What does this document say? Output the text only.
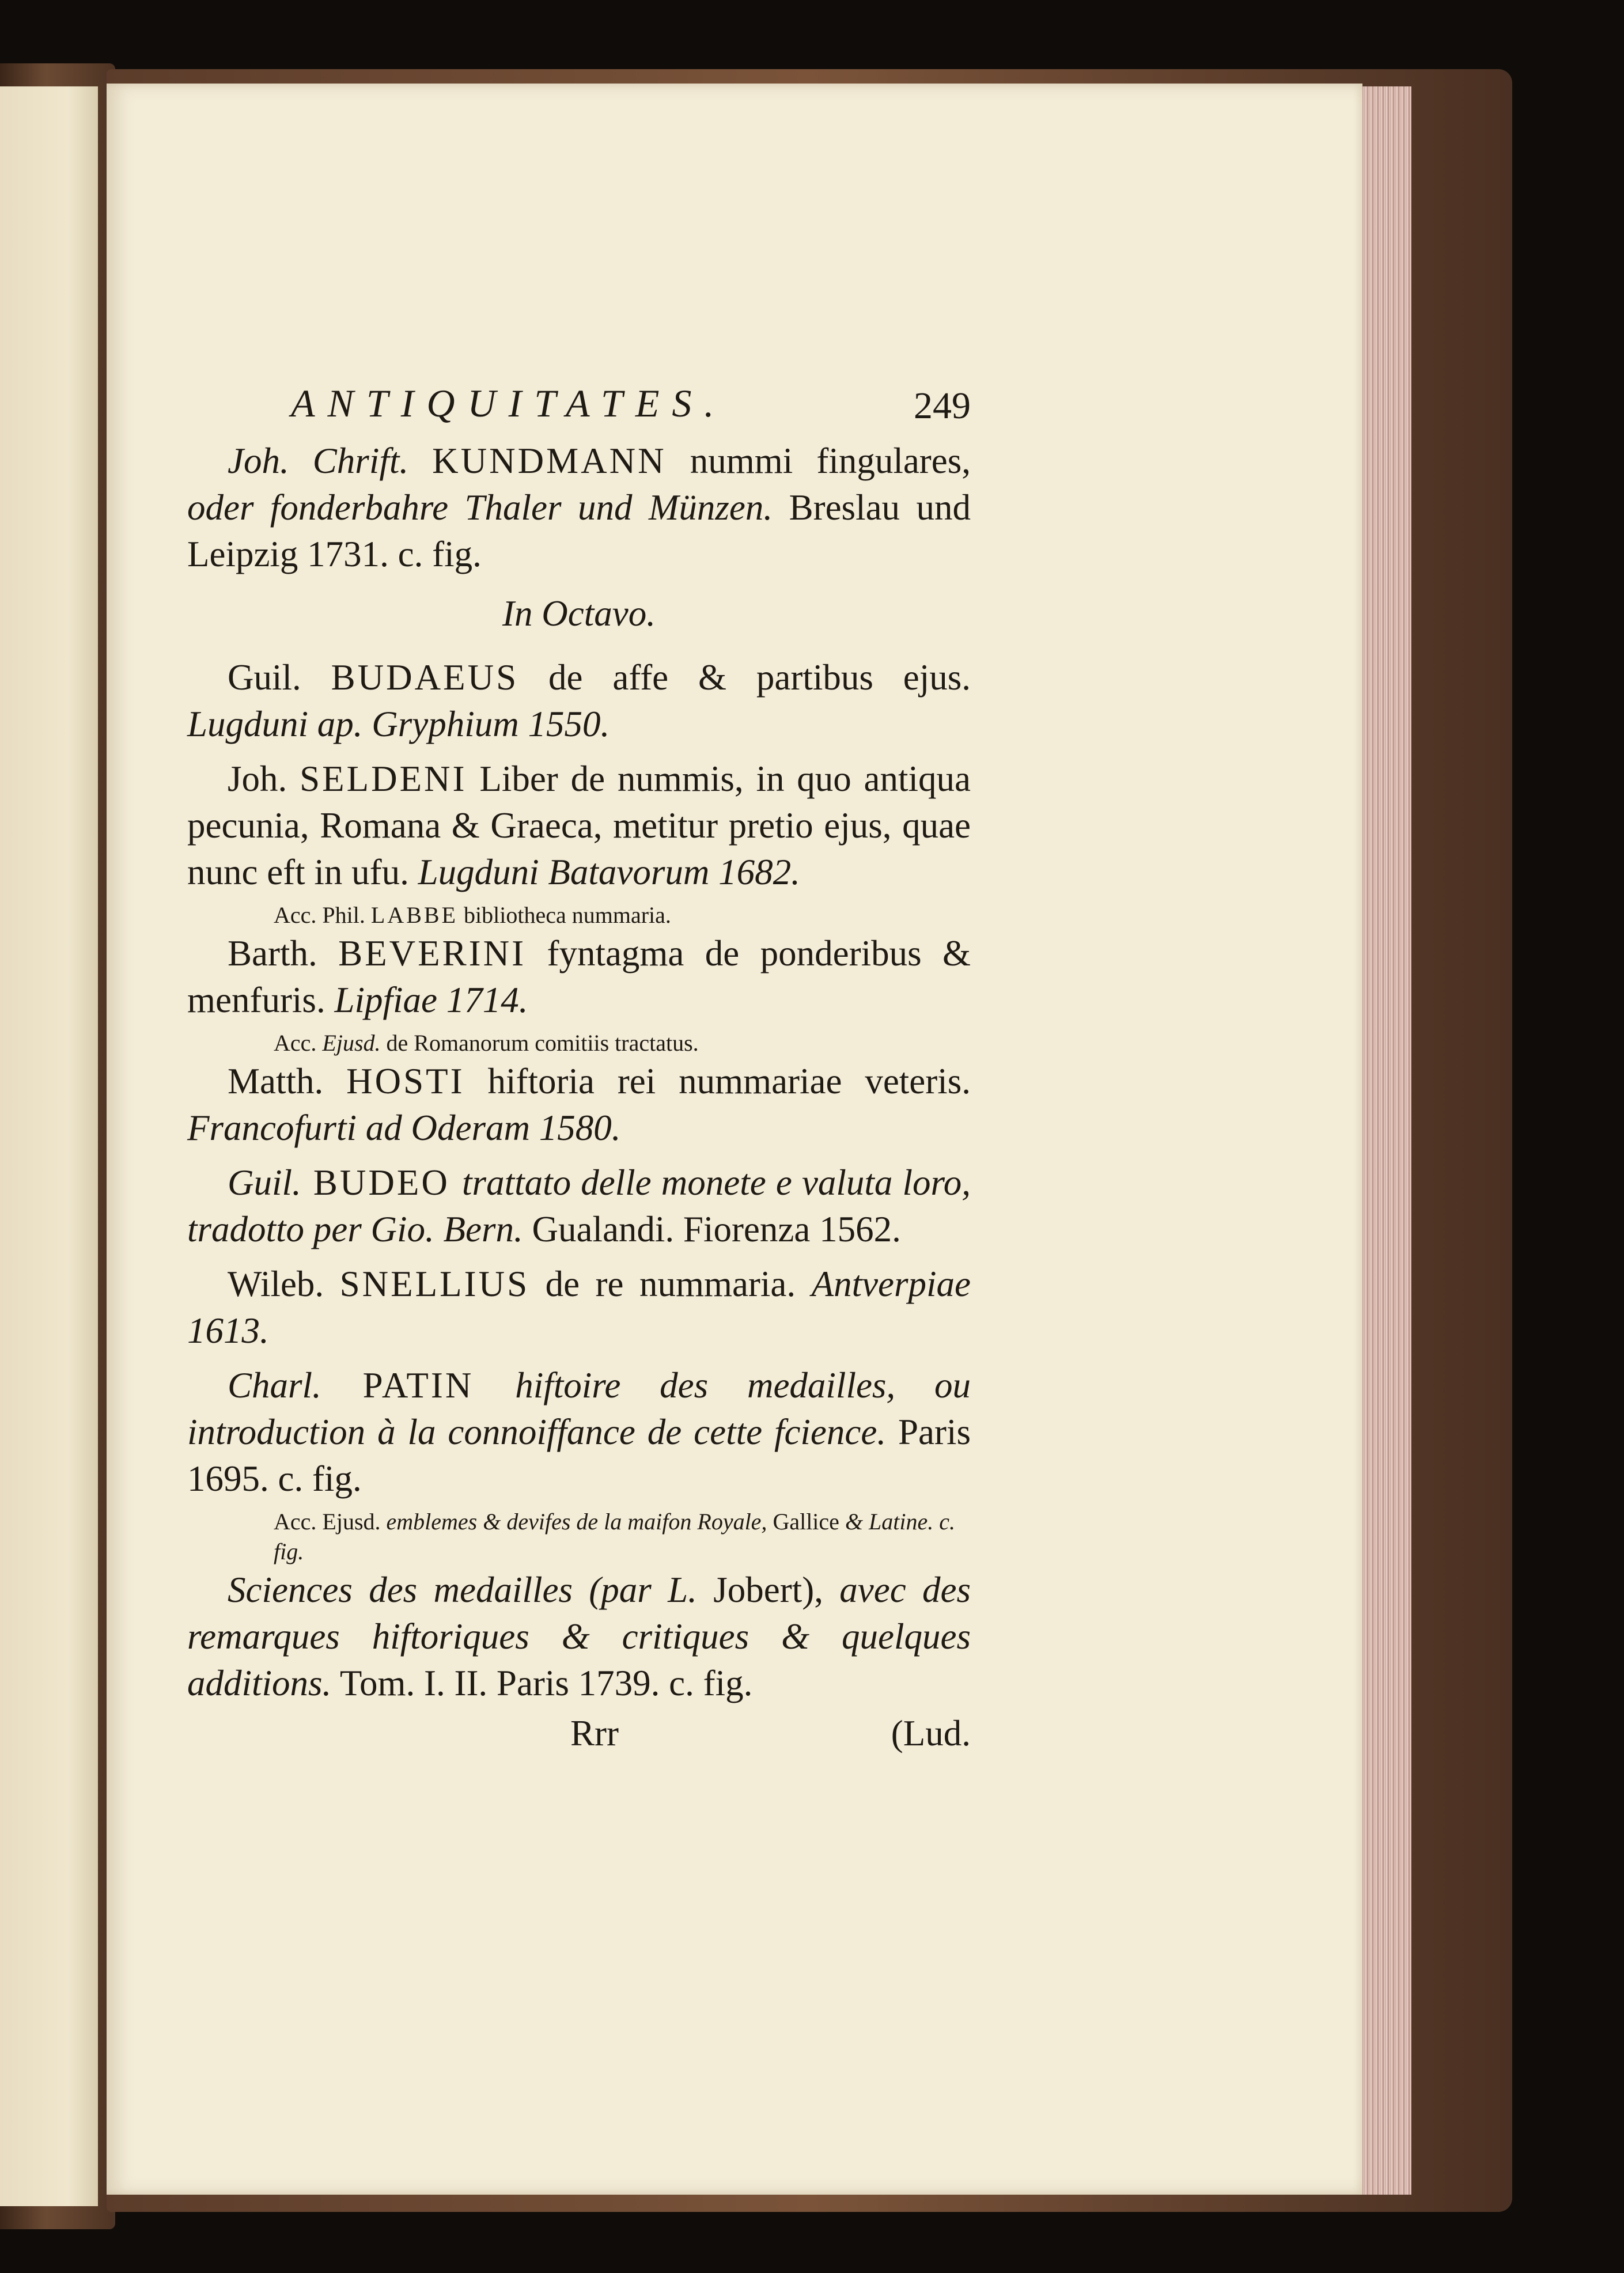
ANTIQUITATES.	249
Joh. Chrift. KUNDMANN nummi fingulares, oder fonderbahre Thaler und Münzen. Breslau und Leipzig 1731. c. fig.
In Octavo.
Guil. BUDAEUS de affe & partibus ejus. Lugduni ap. Gryphium 1550.
Joh. SELDENI Liber de nummis, in quo antiqua pecunia, Romana & Graeca, metitur pretio ejus, quae nunc eft in ufu. Lugduni Batavorum 1682.
Acc. Phil. LABBE bibliotheca nummaria.
Barth. BEVERINI fyntagma de ponderibus & menfuris. Lipfiae 1714.
Acc. Ejusd. de Romanorum comitiis tractatus.
Matth. HOSTI hiftoria rei nummariae veteris. Francofurti ad Oderam 1580.
Guil. BUDEO trattato delle monete e valuta loro, tradotto per Gio. Bern. Gualandi. Fiorenza 1562.
Wileb. SNELLIUS de re nummaria. Antverpiae 1613.
Charl. PATIN hiftoire des medailles, ou introduction à la connoiffance de cette fcience. Paris 1695. c. fig.
Acc. Ejusd. emblemes & devifes de la maifon Royale, Gallice & Latine. c. fig.
Sciences des medailles (par L. Jobert), avec des remarques hiftoriques & critiques & quelques additions. Tom. I. II. Paris 1739. c. fig.
Rrr	(Lud.
